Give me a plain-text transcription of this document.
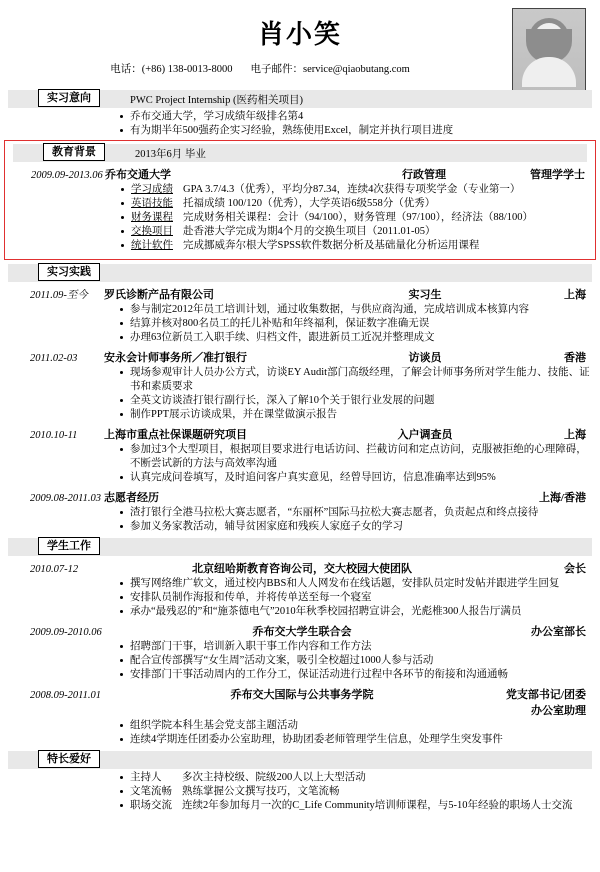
肖小笑
电话：(+86) 138-0013-8000 电子邮件：service@qiaobutang.com
实习意向	PWC Project Internship (医药相关项目)
乔布交通大学，学习成绩年级排名第4
有为期半年500强药企实习经验，熟练使用Excel，制定并执行项目进度
教育背景	2013年6月 毕业
2009.09-2013.06 乔布交通大学	行政管理	管理学学士
学习成绩 GPA 3.7/4.3（优秀），平均分87.34，连续4次获得专项奖学金（专业第一）
英语技能 托福成绩 100/120（优秀），大学英语6级558分（优秀）
财务课程 完成财务相关课程：会计（94/100），财务管理（97/100），经济法（88/100）
交换项目 赴香港大学完成为期4个月的交换生项目（2011.01-05）
统计软件 完成挪威奔尔根大学SPSS软件数据分析及基础量化分析运用课程
实习实践
2011.09-至今	罗氏诊断产品有限公司	实习生	上海
参与制定2012年员工培训计划，通过收集数据，与供应商沟通，完成培训成本核算内容
结算并核对800名员工的托儿补贴和年终福利，保证数字准确无误
办理63位新员工入职手续、归档文件，跟进新员工近况并整理成文
2011.02-03	安永会计师事务所／准打银行	访谈员	香港
现场参观审计人员办公方式，访谈EY Audit部门高级经理，了解会计师事务所对学生能力、技能、证书和素质要求
全英文访谈渣打银行副行长，深入了解10个关于银行业发展的问题
制作PPT展示访谈成果，并在课堂做演示报告
2010.10-11	上海市重点社保课题研究项目	入户调查员	上海
参加过3个大型项目，根据项目要求进行电话访问、拦截访问和定点访问，克服被拒绝的心理障碍，不断尝试新的方法与高效率沟通
认真完成问卷填写，及时追问客户真实意见，经曾导回访，信息准确率达到95%
2009.08-2011.03 志愿者经历	上海/香港
渣打银行全港马拉松大赛志愿者，“东丽杯”国际马拉松大赛志愿者，负责起点和终点接待
参加义务家教活动，辅导贫困家庭和残疾人家庭子女的学习
学生工作
2010.07-12	北京纽哈斯教育咨询公司，交大校园大使团队	会长
撰写网络维广软文，通过校内BBS和人人网发布在线话题，安排队员定时发帖并跟进学生回复
安排队员制作海报和传单，并将传单送至每一个寝室
承办“最残忍的”和“施茶德电气”2010年秋季校园招聘宣讲会，光彪椎300人报告厅满员
2009.09-2010.06	乔布交大学生联合会	办公室部长
招聘部门干事，培训新入职干事工作内容和工作方法
配合宣传部撰写“女生周”活动文案，吸引全校超过1000人参与活动
安排部门干事活动周内的工作分工，保证活动进行过程中各环节的衔接和沟通通畅
2008.09-2011.01	乔布交大国际与公共事务学院	党支部书记/团委办公室助理
组织学院本科生基会党支部主题活动
连续4学期连任团委办公室助理，协助团委老师管理学生信息，处理学生突发事件
特长爱好
主持人 多次主持校级、院级200人以上大型活动
文笔流畅 熟练掌握公文撰写技巧，文笔流畅
职场交流 连续2年参加每月一次的C_Life Community培训师课程，与5-10年经验的职场人士交流
